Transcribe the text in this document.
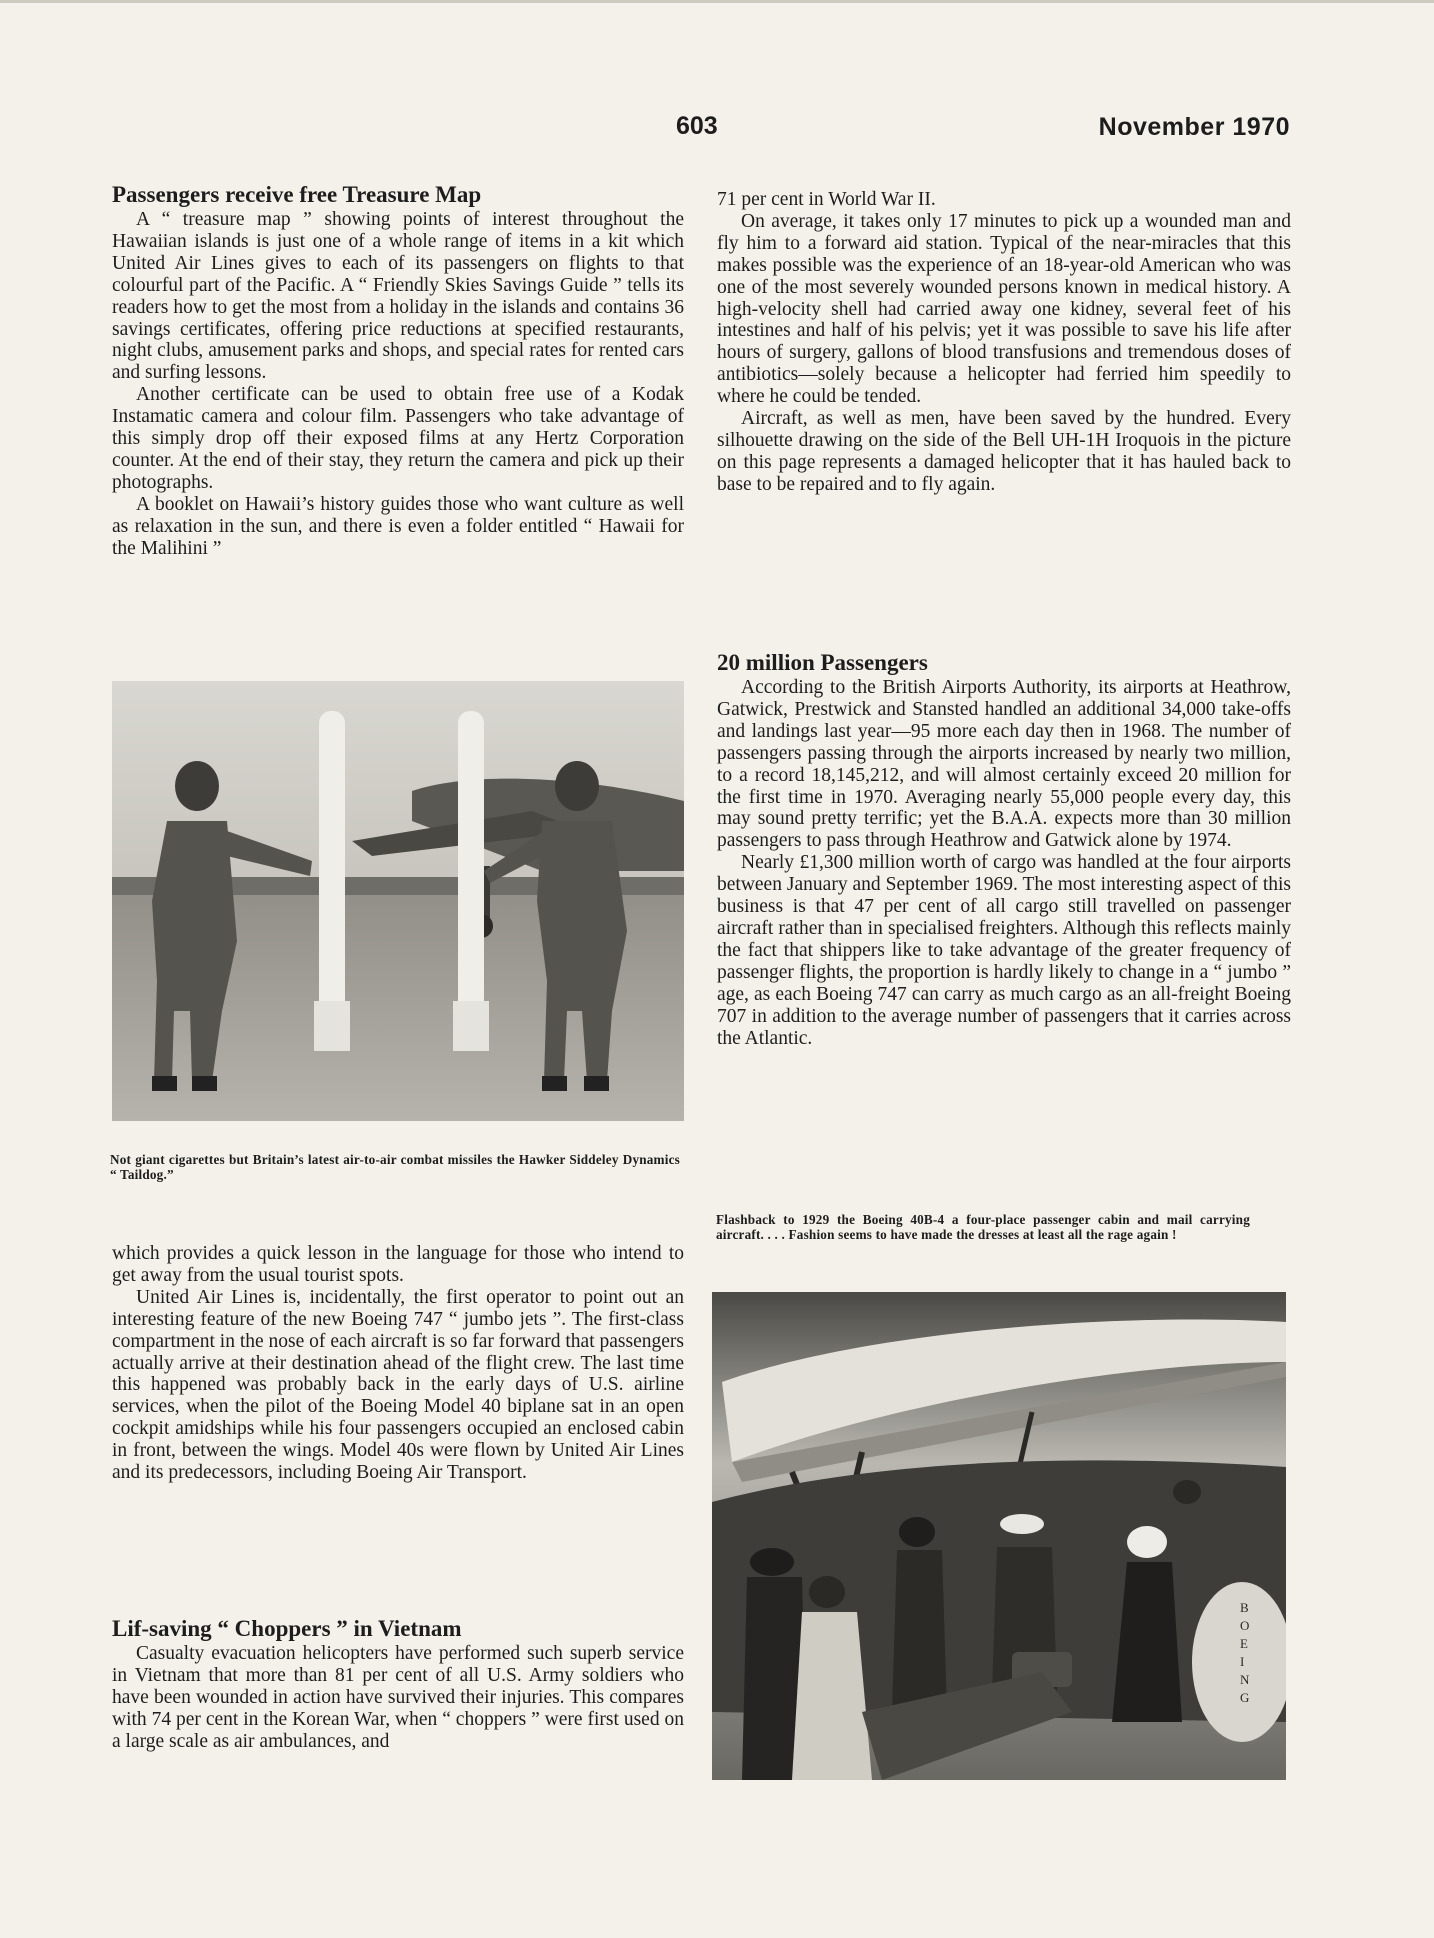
603	November 1970
Passengers receive free Treasure Map

A “ treasure map ” showing points of interest throughout the Hawaiian islands is just one of a whole range of items in a kit which United Air Lines gives to each of its passengers on flights to that colourful part of the Pacific. A “ Friendly Skies Savings Guide ” tells its readers how to get the most from a holiday in the islands and contains 36 savings certificates, offering price reductions at specified restaurants, night clubs, amusement parks and shops, and special rates for rented cars and surfing lessons.

Another certificate can be used to obtain free use of a Kodak Instamatic camera and colour film. Passengers who take advantage of this simply drop off their exposed films at any Hertz Corporation counter. At the end of their stay, they return the camera and pick up their photographs.

A booklet on Hawaii’s history guides those who want culture as well as relaxation in the sun, and there is even a folder entitled “ Hawaii for the Malihini ”

Not giant cigarettes but Britain’s latest air-to-air combat missiles the Hawker Siddeley Dynamics “ Taildog.”

which provides a quick lesson in the language for those who intend to get away from the usual tourist spots.

United Air Lines is, incidentally, the first operator to point out an interesting feature of the new Boeing 747 “ jumbo jets ”. The first-class compartment in the nose of each aircraft is so far forward that passengers actually arrive at their destination ahead of the flight crew. The last time this happened was probably back in the early days of U.S. airline services, when the pilot of the Boeing Model 40 biplane sat in an open cockpit amidships while his four passengers occupied an enclosed cabin in front, between the wings. Model 40s were flown by United Air Lines and its predecessors, including Boeing Air Transport.

Lif-saving “ Choppers ” in Vietnam

Casualty evacuation helicopters have performed such superb service in Vietnam that more than 81 per cent of all U.S. Army soldiers who have been wounded in action have survived their injuries. This compares with 74 per cent in the Korean War, when “ choppers ” were first used on a large scale as air ambulances, and

71 per cent in World War II.

On average, it takes only 17 minutes to pick up a wounded man and fly him to a forward aid station. Typical of the near-miracles that this makes possible was the experience of an 18-year-old American who was one of the most severely wounded persons known in medical history. A high-velocity shell had carried away one kidney, several feet of his intestines and half of his pelvis; yet it was possible to save his life after hours of surgery, gallons of blood transfusions and tremendous doses of antibiotics—solely because a helicopter had ferried him speedily to where he could be tended.

Aircraft, as well as men, have been saved by the hundred. Every silhouette drawing on the side of the Bell UH-1H Iroquois in the picture on this page represents a damaged helicopter that it has hauled back to base to be repaired and to fly again.

20 million Passengers

According to the British Airports Authority, its airports at Heathrow, Gatwick, Prestwick and Stansted handled an additional 34,000 take-offs and landings last year—95 more each day then in 1968. The number of passengers passing through the airports increased by nearly two million, to a record 18,145,212, and will almost certainly exceed 20 million for the first time in 1970. Averaging nearly 55,000 people every day, this may sound pretty terrific; yet the B.A.A. expects more than 30 million passengers to pass through Heathrow and Gatwick alone by 1974.

Nearly £1,300 million worth of cargo was handled at the four airports between January and September 1969. The most interesting aspect of this business is that 47 per cent of all cargo still travelled on passenger aircraft rather than in specialised freighters. Although this reflects mainly the fact that shippers like to take advantage of the greater frequency of passenger flights, the proportion is hardly likely to change in a “ jumbo ” age, as each Boeing 747 can carry as much cargo as an all-freight Boeing 707 in addition to the average number of passengers that it carries across the Atlantic.

Flashback to 1929 the Boeing 40B-4 a four-place passenger cabin and mail carrying aircraft. . . . Fashion seems to have made the dresses at least all the rage again !
B
O
E
I
N
G
